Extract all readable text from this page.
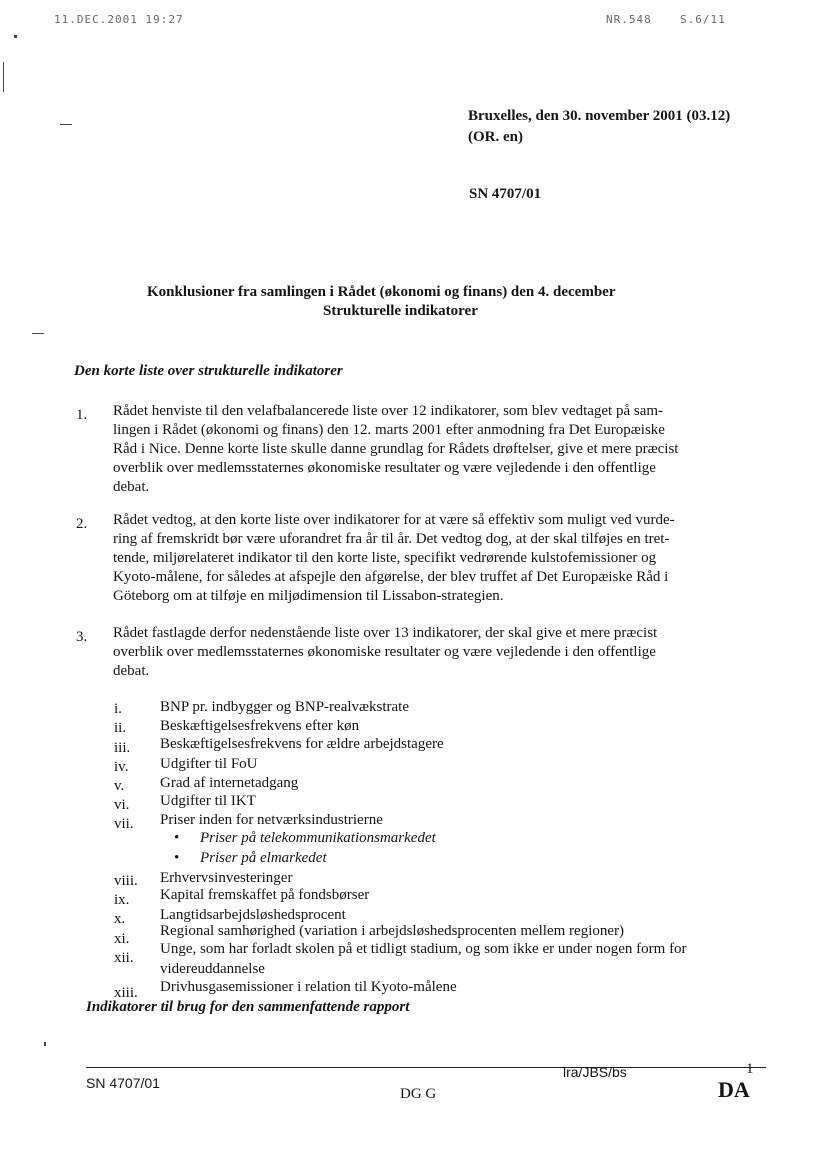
11.DEC.2001 19:27	NR.548	S.6/11
Bruxelles, den 30. november 2001 (03.12)
(OR. en)
SN 4707/01
Konklusioner fra samlingen i Rådet (økonomi og finans) den 4. december
Strukturelle indikatorer
Den korte liste over strukturelle indikatorer
1. Rådet henviste til den velafbalancerede liste over 12 indikatorer, som blev vedtaget på sam-
lingen i Rådet (økonomi og finans) den 12. marts 2001 efter anmodning fra Det Europæiske
Råd i Nice. Denne korte liste skulle danne grundlag for Rådets drøftelser, give et mere præcist
overblik over medlemsstaternes økonomiske resultater og være vejledende i den offentlige
debat.
2. Rådet vedtog, at den korte liste over indikatorer for at være så effektiv som muligt ved vurde-
ring af fremskridt bør være uforandret fra år til år. Det vedtog dog, at der skal tilføjes en tret-
tende, miljørelateret indikator til den korte liste, specifikt vedrørende kulstofemissioner og
Kyoto-målene, for således at afspejle den afgørelse, der blev truffet af Det Europæiske Råd i
Göteborg om at tilføje en miljødimension til Lissabon-strategien.
3. Rådet fastlagde derfor nedenstående liste over 13 indikatorer, der skal give et mere præcist
overblik over medlemsstaternes økonomiske resultater og være vejledende i den offentlige
debat.
i.	BNP pr. indbygger og BNP-realvækstrate
ii.	Beskæftigelsesfrekvens efter køn
iii.	Beskæftigelsesfrekvens for ældre arbejdstagere
iv.	Udgifter til FoU
v.	Grad af internetadgang
vi.	Udgifter til IKT
vii.	Priser inden for netværksindustrierne
• Priser på telekommunikationsmarkedet
• Priser på elmarkedet
viii.	Erhvervsinvesteringer
ix.	Kapital fremskaffet på fondsbørser
x.	Langtidsarbejdsløshedsprocent
xi.	Regional samhørighed (variation i arbejdsløshedsprocenten mellem regioner)
xii.
Unge, som har forladt skolen på et tidligt stadium, og som ikke er under nogen form for
videreuddannelse
xiii.	Drivhusgasemissioner i relation til Kyoto-målene
Indikatorer til brug for den sammenfattende rapport
SN 4707/01
DG G
lra/JBS/bs	1
DA
